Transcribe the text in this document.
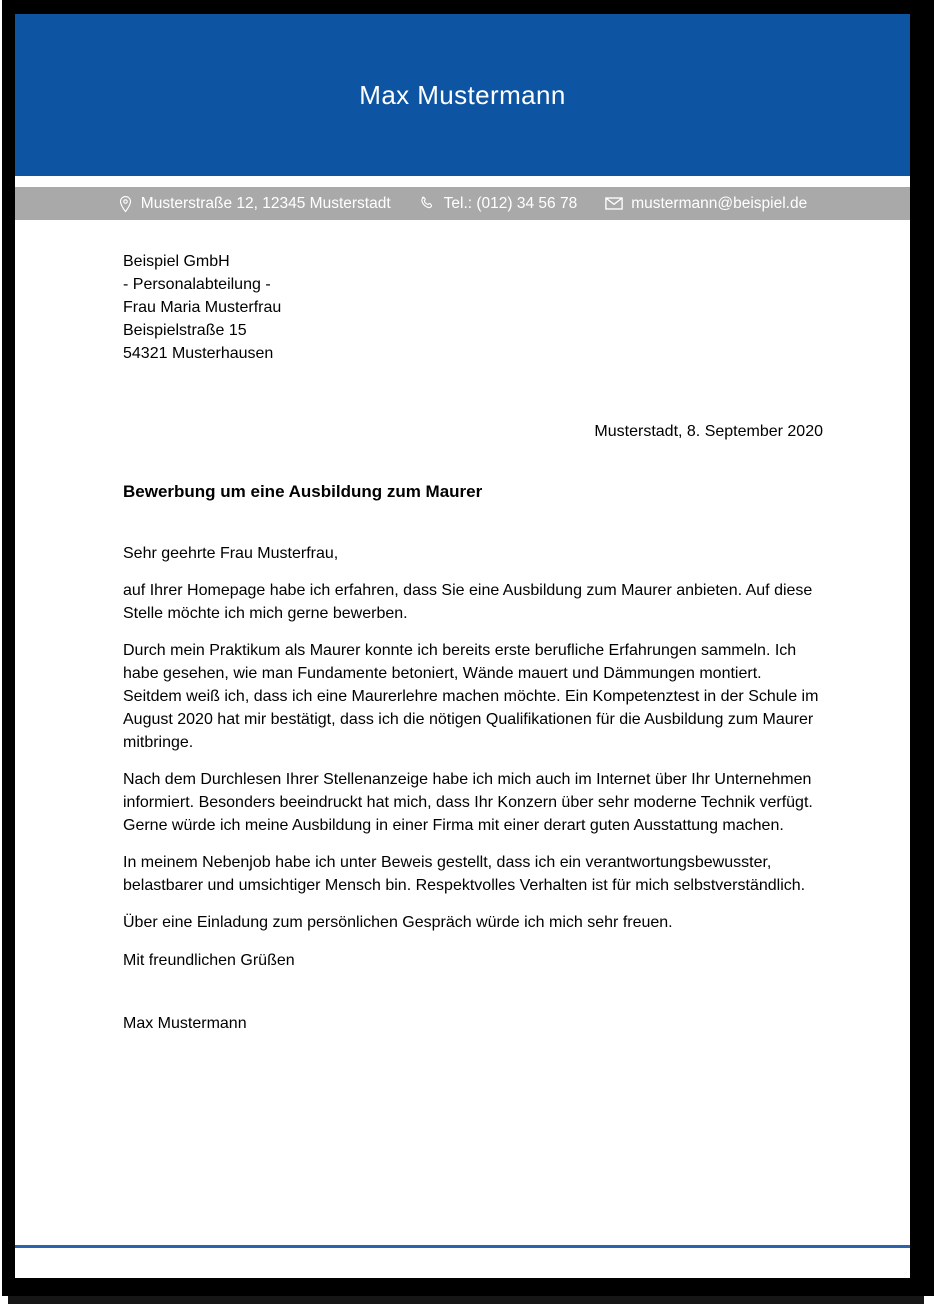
Max Mustermann
Musterstraße 12, 12345 Musterstadt	Tel.: (012) 34 56 78	mustermann@beispiel.de
Beispiel GmbH
- Personalabteilung -
Frau Maria Musterfrau
Beispielstraße 15
54321 Musterhausen
Musterstadt, 8. September 2020
Bewerbung um eine Ausbildung zum Maurer
Sehr geehrte Frau Musterfrau,

auf Ihrer Homepage habe ich erfahren, dass Sie eine Ausbildung zum Maurer anbieten. Auf diese Stelle möchte ich mich gerne bewerben.

Durch mein Praktikum als Maurer konnte ich bereits erste berufliche Erfahrungen sammeln. Ich habe gesehen, wie man Fundamente betoniert, Wände mauert und Dämmungen montiert. Seitdem weiß ich, dass ich eine Maurerlehre machen möchte. Ein Kompetenztest in der Schule im August 2020 hat mir bestätigt, dass ich die nötigen Qualifikationen für die Ausbildung zum Maurer mitbringe.

Nach dem Durchlesen Ihrer Stellenanzeige habe ich mich auch im Internet über Ihr Unternehmen informiert. Besonders beeindruckt hat mich, dass Ihr Konzern über sehr moderne Technik verfügt. Gerne würde ich meine Ausbildung in einer Firma mit einer derart guten Ausstattung machen.

In meinem Nebenjob habe ich unter Beweis gestellt, dass ich ein verantwortungsbewusster, belastbarer und umsichtiger Mensch bin. Respektvolles Verhalten ist für mich selbstverständlich.

Über eine Einladung zum persönlichen Gespräch würde ich mich sehr freuen.

Mit freundlichen Grüßen
Max Mustermann
